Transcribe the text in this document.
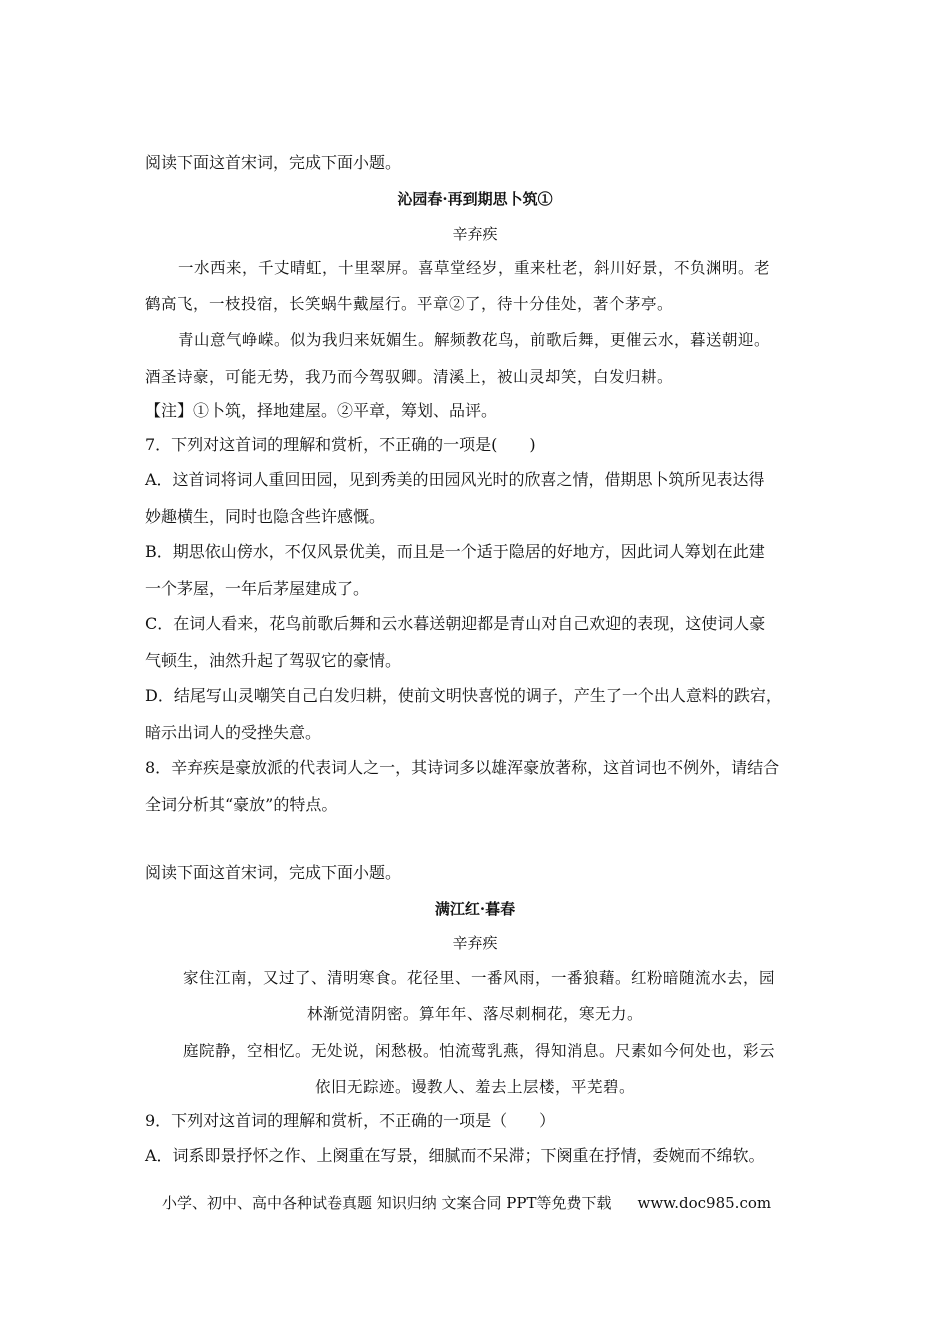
阅读下面这首宋词，完成下面小题。
沁园春·再到期思卜筑①
辛弃疾
一水西来，千丈晴虹，十里翠屏。喜草堂经岁，重来杜老，斜川好景，不负渊明。老
鹤高飞，一枝投宿，长笑蜗牛戴屋行。平章②了，待十分佳处，著个茅亭。
青山意气峥嵘。似为我归来妩媚生。解频教花鸟，前歌后舞，更催云水，暮送朝迎。
酒圣诗豪，可能无势，我乃而今驾驭卿。清溪上，被山灵却笑，白发归耕。
【注】①卜筑，择地建屋。②平章，筹划、品评。
7．下列对这首词的理解和赏析，不正确的一项是(　　)
A．这首词将词人重回田园，见到秀美的田园风光时的欣喜之情，借期思卜筑所见表达得
妙趣横生，同时也隐含些许感慨。
B．期思依山傍水，不仅风景优美，而且是一个适于隐居的好地方，因此词人筹划在此建
一个茅屋，一年后茅屋建成了。
C．在词人看来，花鸟前歌后舞和云水暮送朝迎都是青山对自己欢迎的表现，这使词人豪
气顿生，油然升起了驾驭它的豪情。
D．结尾写山灵嘲笑自己白发归耕，使前文明快喜悦的调子，产生了一个出人意料的跌宕，
暗示出词人的受挫失意。
8．辛弃疾是豪放派的代表词人之一，其诗词多以雄浑豪放著称，这首词也不例外，请结合
全词分析其“豪放”的特点。
阅读下面这首宋词，完成下面小题。
满江红·暮春
辛弃疾
家住江南，又过了、清明寒食。花径里、一番风雨，一番狼藉。红粉暗随流水去，园
林渐觉清阴密。算年年、落尽刺桐花，寒无力。
庭院静，空相忆。无处说，闲愁极。怕流莺乳燕，得知消息。尺素如今何处也，彩云
依旧无踪迹。谩教人、羞去上层楼，平芜碧。
9．下列对这首词的理解和赏析，不正确的一项是（　　）
A．词系即景抒怀之作、上阕重在写景，细腻而不呆滞；下阕重在抒情，委婉而不绵软。
小学、初中、高中各种试卷真题 知识归纳 文案合同 PPT等免费下载 www.doc985.com
